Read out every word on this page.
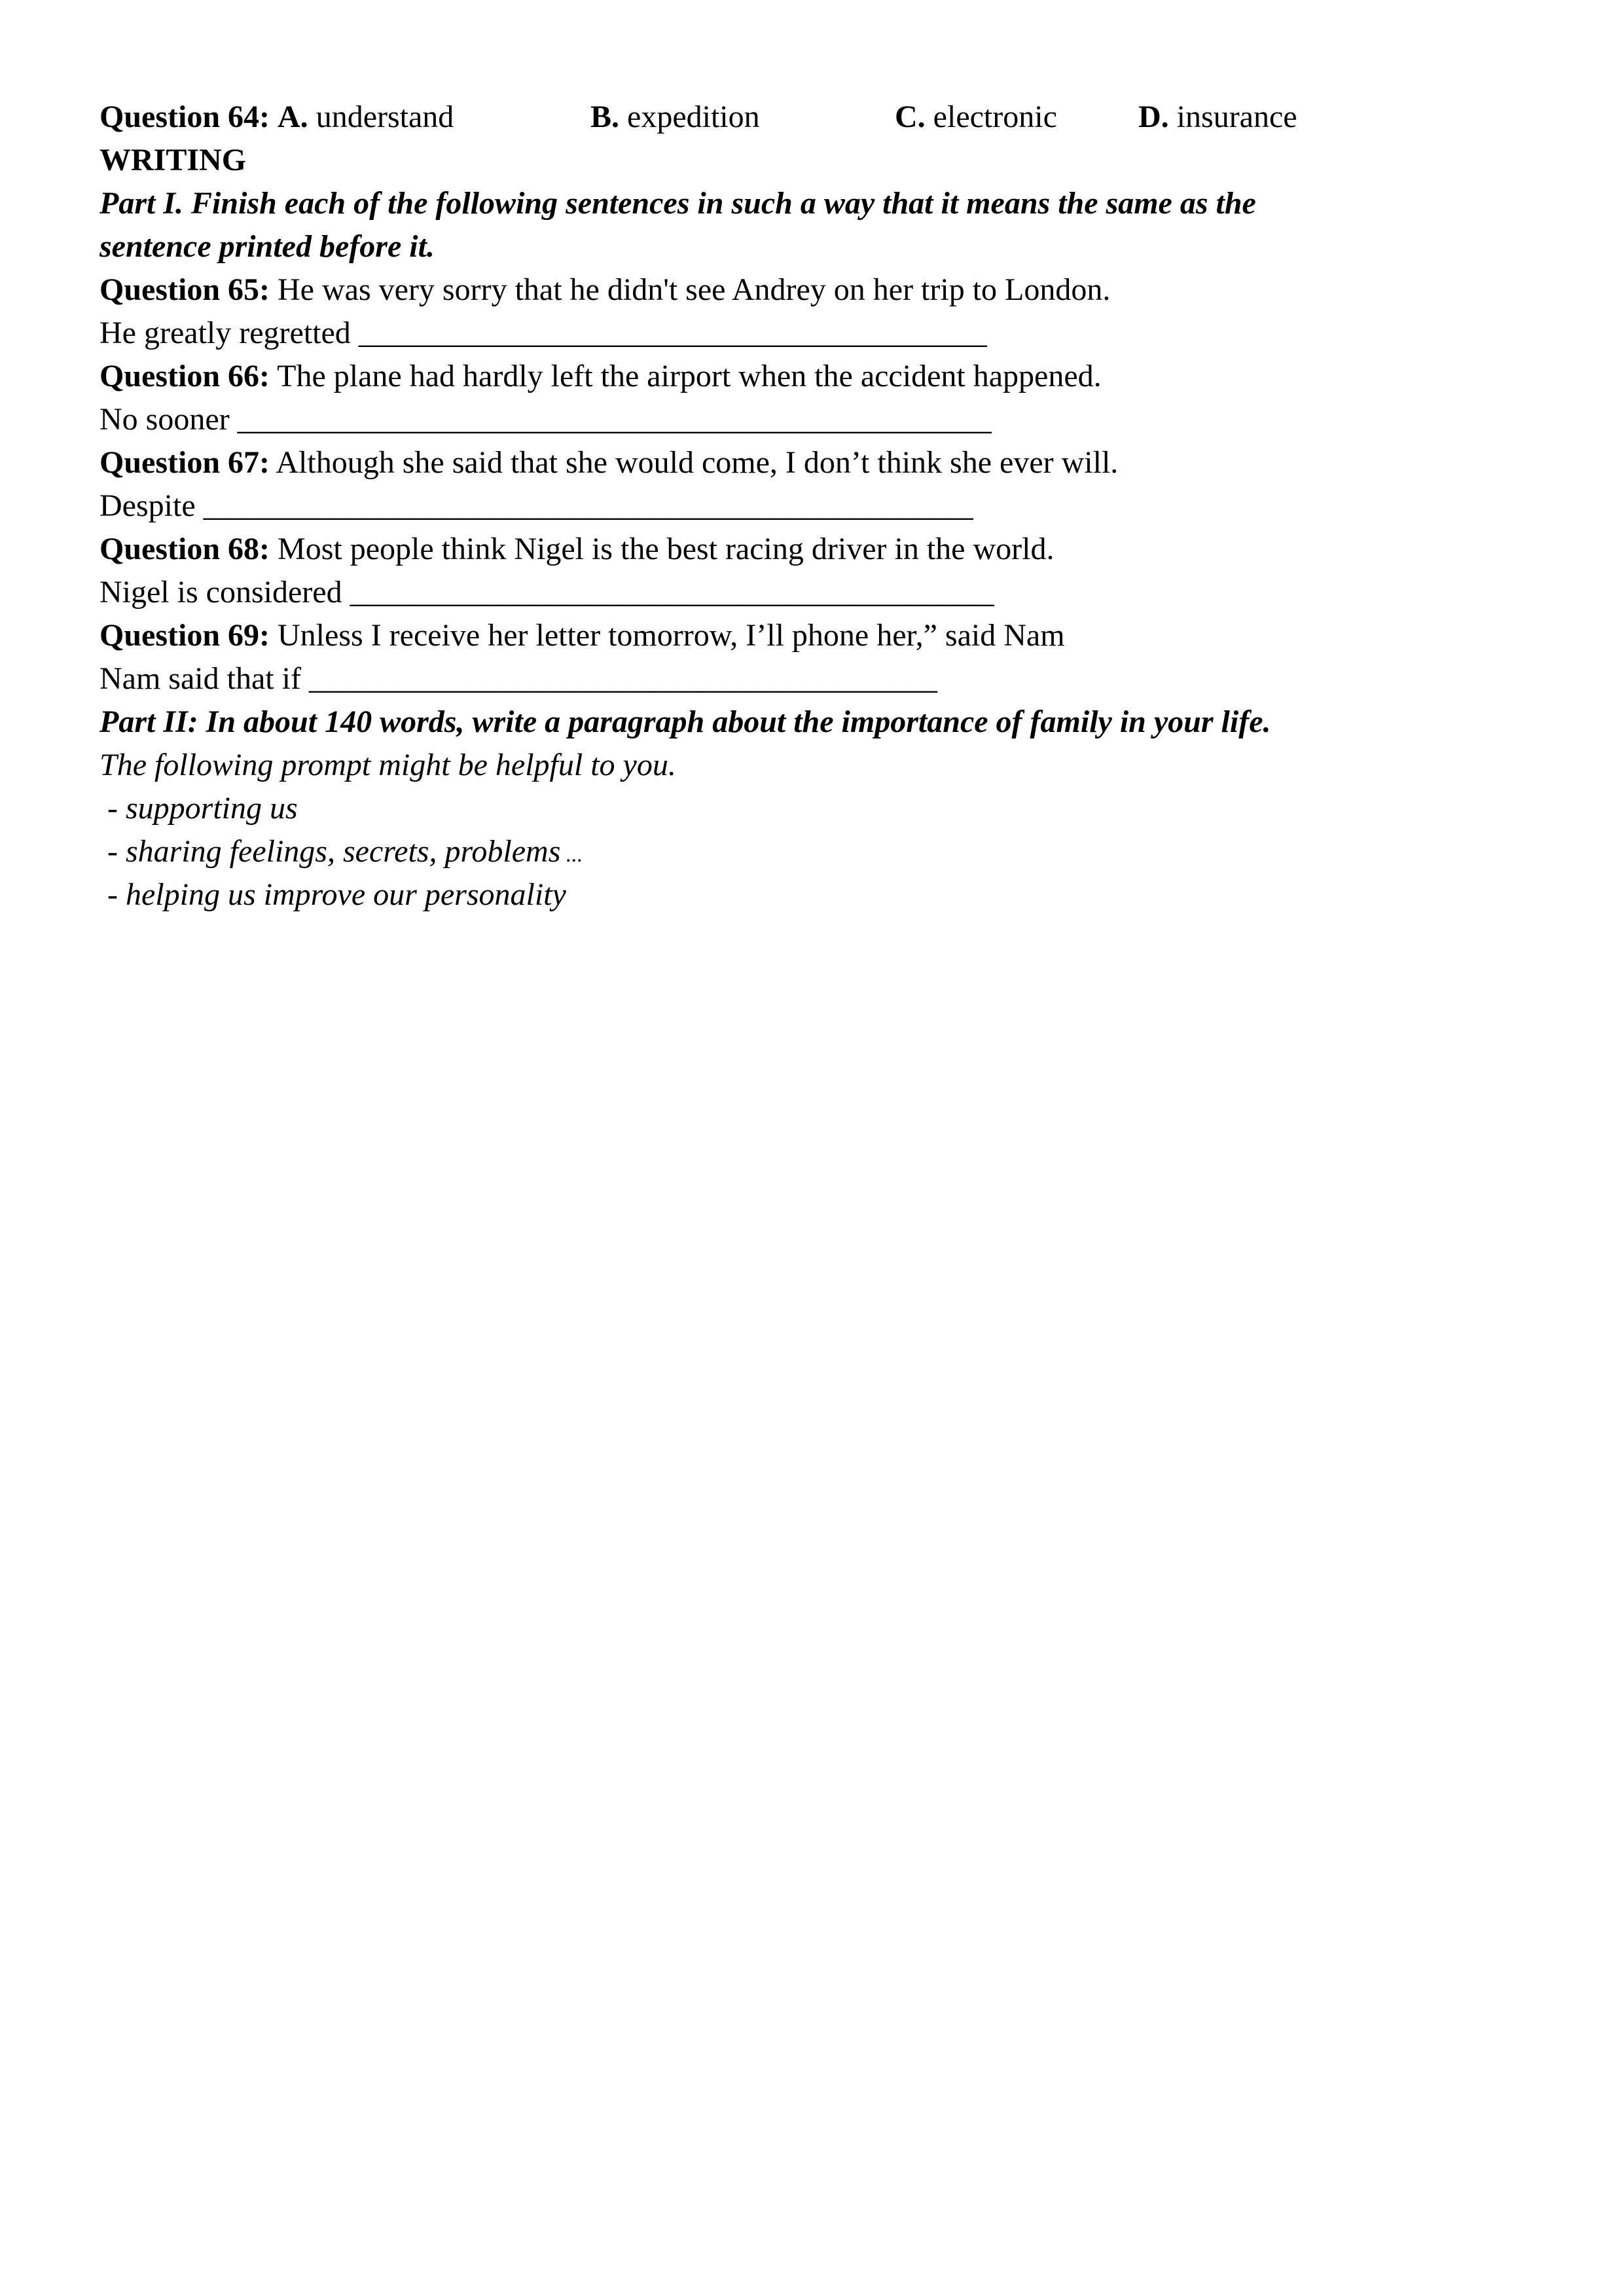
Question 64: A. understand	B. expedition	C. electronic	D. insurance
WRITING
Part I. Finish each of the following sentences in such a way that it means the same as the sentence printed before it.
Question 65: He was very sorry that he didn't see Andrey on her trip to London.
He greatly regretted ________________________________________
Question 66: The plane had hardly left the airport when the accident happened.
No sooner ________________________________________________
Question 67: Although she said that she would come, I don’t think she ever will.
Despite _________________________________________________
Question 68: Most people think Nigel is the best racing driver in the world.
Nigel is considered _________________________________________
Question 69: Unless I receive her letter tomorrow, I’ll phone her,” said Nam
Nam said that if ________________________________________
Part II: In about 140 words, write a paragraph about the importance of family in your life.
The following prompt might be helpful to you.
- supporting us
- sharing feelings, secrets, problems ...
- helping us improve our personality
